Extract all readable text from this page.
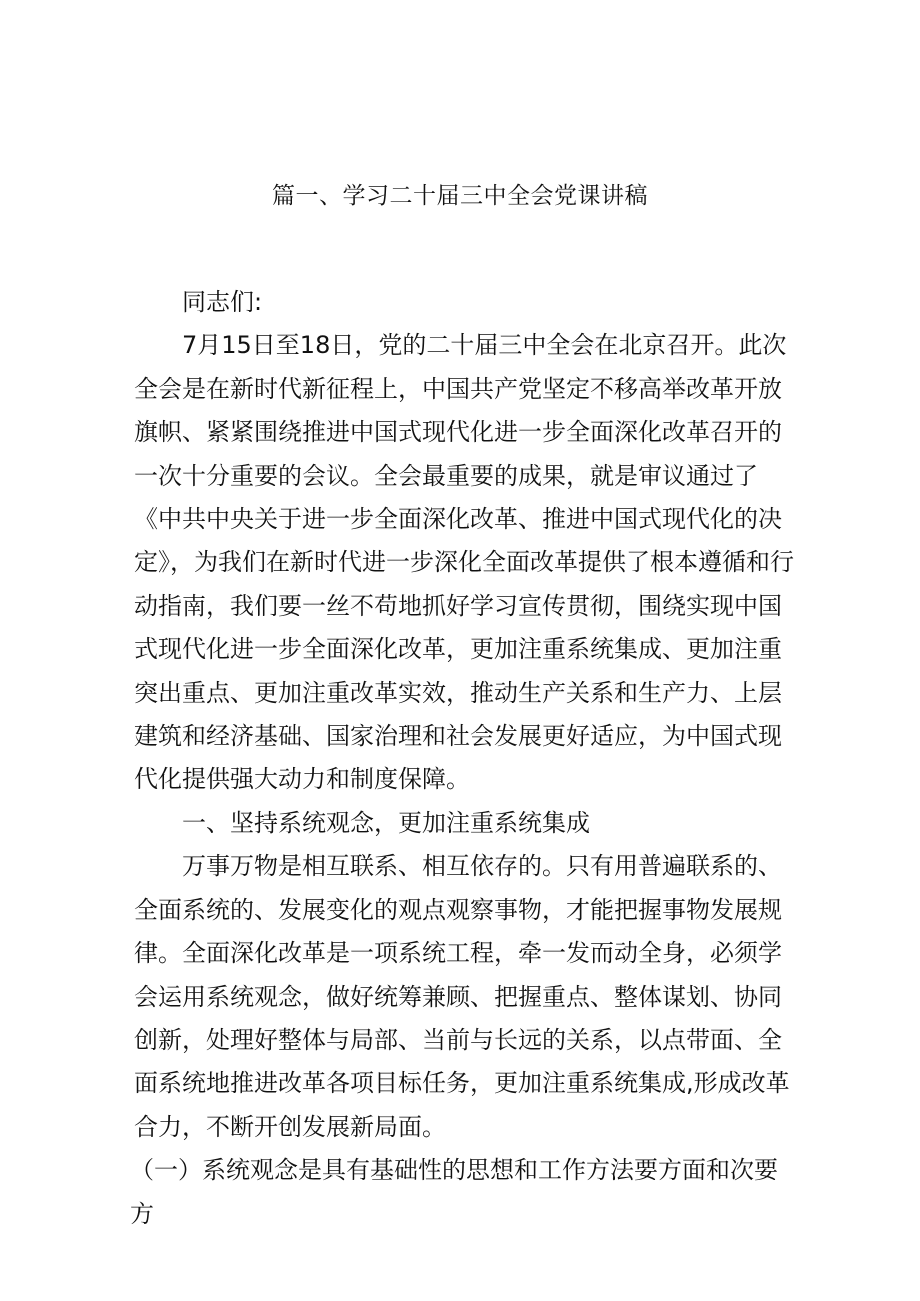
篇一、学习二十届三中全会党课讲稿

同志们:

7月15日至18日，党的二十届三中全会在北京召开。此次全会是在新时代新征程上，中国共产党坚定不移高举改革开放旗帜、紧紧围绕推进中国式现代化进一步全面深化改革召开的一次十分重要的会议。全会最重要的成果，就是审议通过了《中共中央关于进一步全面深化改革、推进中国式现代化的决定》，为我们在新时代进一步深化全面改革提供了根本遵循和行动指南，我们要一丝不苟地抓好学习宣传贯彻，围绕实现中国式现代化进一步全面深化改革，更加注重系统集成、更加注重突出重点、更加注重改革实效，推动生产关系和生产力、上层建筑和经济基础、国家治理和社会发展更好适应，为中国式现代化提供强大动力和制度保障。

一、坚持系统观念，更加注重系统集成

万事万物是相互联系、相互依存的。只有用普遍联系的、全面系统的、发展变化的观点观察事物，才能把握事物发展规律。全面深化改革是一项系统工程，牵一发而动全身，必须学会运用系统观念，做好统筹兼顾、把握重点、整体谋划、协同创新，处理好整体与局部、当前与长远的关系，以点带面、全面系统地推进改革各项目标任务，更加注重系统集成,形成改革合力，不断开创发展新局面。

（一）系统观念是具有基础性的思想和工作方法要方面和次要方
